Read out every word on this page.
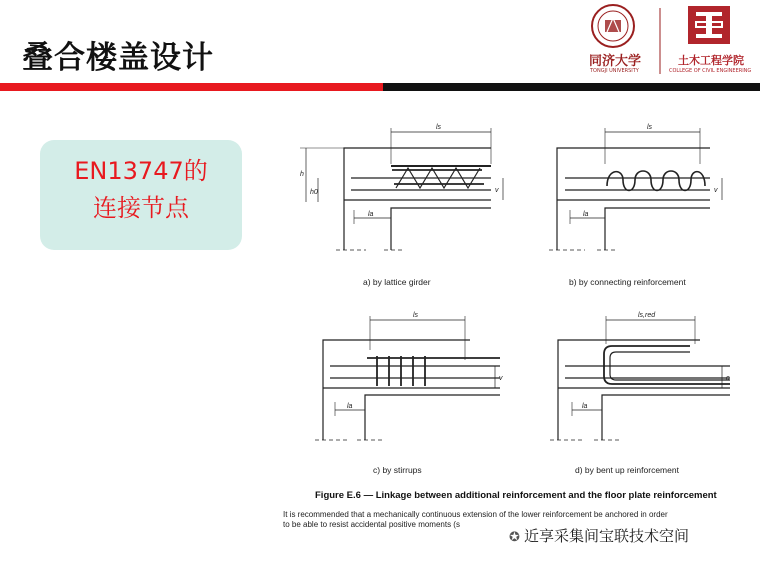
叠合楼盖设计	同济大学
TONGJI UNIVERSITY
土木工程学院
COLLEGE OF CIVIL ENGINEERING
EN13747的
连接节点
ls
h
h0
la
v
a) by lattice girder
ls
la
v
b) by connecting reinforcement
ls
la
v
c) by stirrups
ls,red
la
c
d) by bent up reinforcement
Figure E.6 — Linkage between additional reinforcement and the floor plate reinforcement
It is recommended that a mechanically continuous extension of the lower reinforcement be anchored in order
to be able to resist accidental positive moments (s
✪ 近享采集间宝联技术空间
